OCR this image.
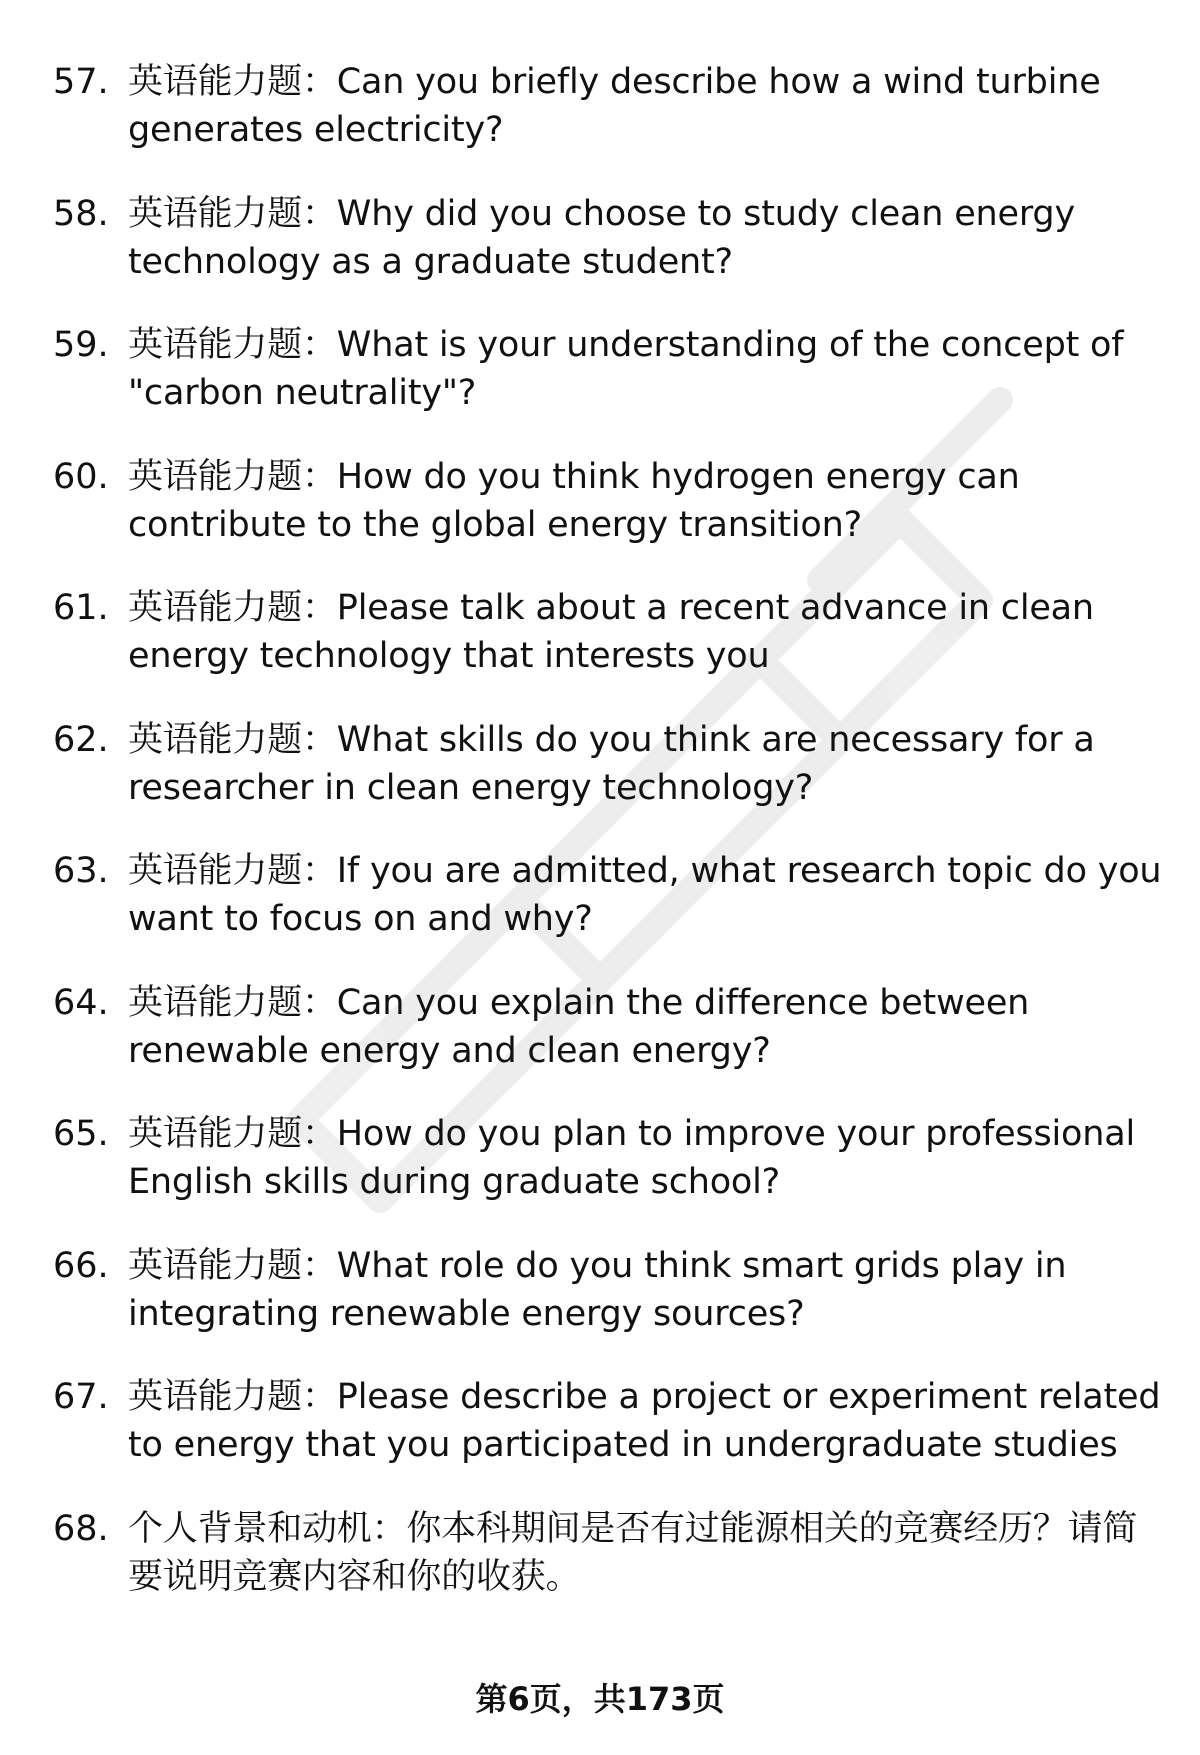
57. 英语能力题：Can you briefly describe how a wind turbine generates electricity?
58. 英语能力题：Why did you choose to study clean energy technology as a graduate student?
59. 英语能力题：What is your understanding of the concept of "carbon neutrality"?
60. 英语能力题：How do you think hydrogen energy can contribute to the global energy transition?
61. 英语能力题：Please talk about a recent advance in clean energy technology that interests you
62. 英语能力题：What skills do you think are necessary for a researcher in clean energy technology?
63. 英语能力题：If you are admitted, what research topic do you want to focus on and why?
64. 英语能力题：Can you explain the difference between renewable energy and clean energy?
65. 英语能力题：How do you plan to improve your professional English skills during graduate school?
66. 英语能力题：What role do you think smart grids play in integrating renewable energy sources?
67. 英语能力题：Please describe a project or experiment related to energy that you participated in undergraduate studies
68. 个人背景和动机：你本科期间是否有过能源相关的竞赛经历？请简要说明竞赛内容和你的收获。
第6页，共173页
